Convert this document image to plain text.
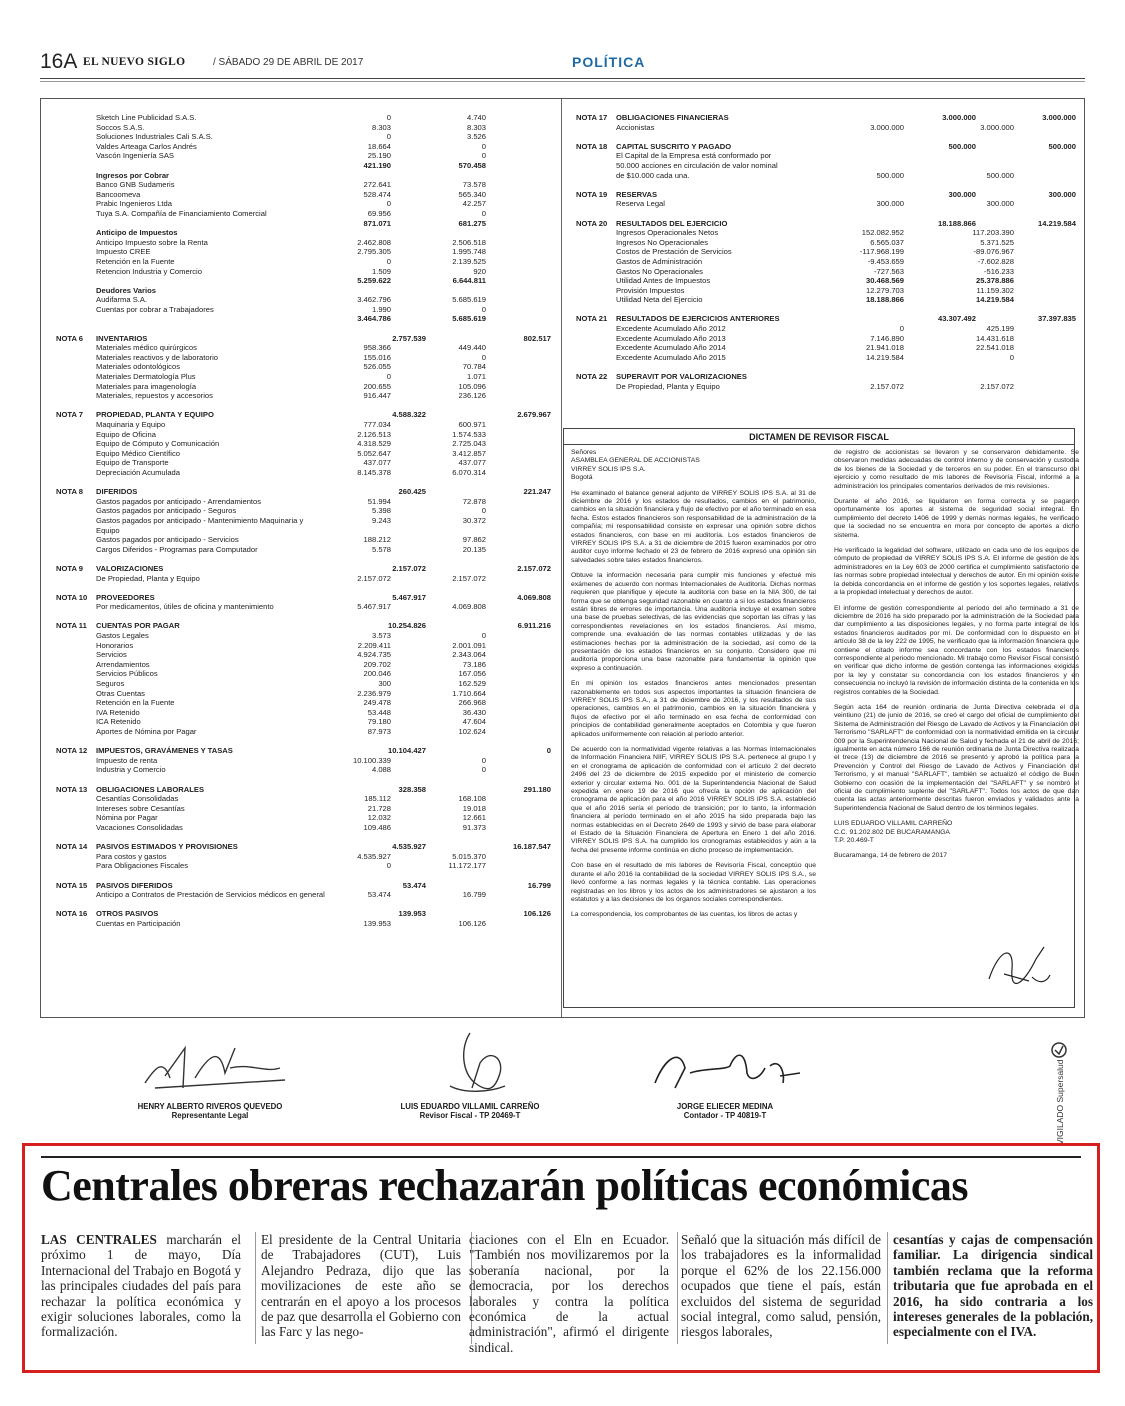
16A EL NUEVO SIGLO	/ SÁBADO 29 DE ABRIL DE 2017	POLÍTICA
Sketch Line Publicidad S.A.S.	0	4.740
Soccos S.A.S.	8.303	8.303
Soluciones Industriales Cali S.A.S.	0	3.526
Valdes Arteaga Carlos Andrés	18.664	0
Vascón Ingeniería SAS	25.190	0
421.190	570.458
Ingresos por Cobrar
Banco GNB Sudameris	272.641	73.578
Bancoomeva	528.474	565.340
Prabic Ingenieros Ltda	0	42.257
Tuya S.A. Compañía de Financiamiento Comercial	69.956	0
871.071	681.275
Anticipo de Impuestos
Anticipo Impuesto sobre la Renta	2.462.808	2.506.518
Impuesto CREE	2.795.305	1.995.748
Retención en la Fuente	0	2.139.525
Retencion Industria y Comercio	1.509	920
5.259.622	6.644.811
Deudores Varios
Audifarma S.A.	3.462.796	5.685.619
Cuentas por cobrar a Trabajadores	1.990	0
3.464.786	5.685.619
NOTA 6 INVENTARIOS	2.757.539	802.517
Materiales médico quirúrgicos	958.366	449.440
Materiales reactivos y de laboratorio	155.016	0
Materiales odontológicos	526.055	70.784
Materiales Dermatología Plus	0	1.071
Materiales para imagenología	200.655	105.096
Materiales, repuestos y accesorios	916.447	236.126
NOTA 7 PROPIEDAD, PLANTA Y EQUIPO	4.588.322	2.679.967
Maquinaria y Equipo	777.034	600.971
Equipo de Oficina	2.126.513	1.574.533
Equipo de Cómputo y Comunicación	4.318.529	2.725.043
Equipo Médico Científico	5.052.647	3.412.857
Equipo de Transporte	437.077	437.077
Depreciación Acumulada	8.145.378	6.070.314
NOTA 8 DIFERIDOS	260.425	221.247
Gastos pagados por anticipado - Arrendamientos	51.994	72.878
Gastos pagados por anticipado - Seguros	5.398	0
Gastos pagados por anticipado - Mantenimiento Maquinaria y	9.243	30.372
Equipo
Gastos pagados por anticipado - Servicios	188.212	97.862
Cargos Diferidos - Programas para Computador	5.578	20.135
NOTA 9 VALORIZACIONES	2.157.072	2.157.072
De Propiedad, Planta y Equipo	2.157.072	2.157.072
NOTA 10 PROVEEDORES	5.467.917	4.069.808
Por medicamentos, útiles de oficina y mantenimiento	5.467.917	4.069.808
NOTA 11 CUENTAS POR PAGAR	10.254.826	6.911.216
Gastos Legales	3.573	0
Honorarios	2.209.411	2.001.091
Servicios	4.924.735	2.343.064
Arrendamientos	209.702	73.186
Servicios Públicos	200.046	167.056
Seguros	300	162.529
Otras Cuentas	2.236.979	1.710.664
Retención en la Fuente	249.478	266.968
IVA Retenido	53.448	36.430
ICA Retenido	79.180	47.604
Aportes de Nómina por Pagar	87.973	102.624
NOTA 12 IMPUESTOS, GRAVÁMENES Y TASAS	10.104.427	0
Impuesto de renta	10.100.339	0
Industria y Comercio	4.088	0
NOTA 13 OBLIGACIONES LABORALES	328.358	291.180
Cesantías Consolidadas	185.112	168.108
Intereses sobre Cesantías	21.728	19.018
Nómina por Pagar	12.032	12.661
Vacaciones Consolidadas	109.486	91.373
NOTA 14 PASIVOS ESTIMADOS Y PROVISIONES	4.535.927	16.187.547
Para costos y gastos	4.535.927	5.015.370
Para Obligaciones Fiscales	0	11.172.177
NOTA 15 PASIVOS DIFERIDOS	53.474	16.799
Anticipo a Contratos de Prestación de Servicios médicos en general	53.474	16.799
NOTA 16 OTROS PASIVOS	139.953	106.126
Cuentas en Participación	139.953	106.126
NOTA 17 OBLIGACIONES FINANCIERAS	3.000.000	3.000.000
Accionistas	3.000.000	3.000.000
NOTA 18 CAPITAL SUSCRITO Y PAGADO	500.000	500.000
El Capital de la Empresa está conformado por
50.000 acciones en circulación de valor nominal
de $10.000 cada una.	500.000	500.000
NOTA 19 RESERVAS	300.000	300.000
Reserva Legal	300.000	300.000
NOTA 20 RESULTADOS DEL EJERCICIO	18.188.866	14.219.584
Ingresos Operacionales Netos	152.082.952	117.203.390
Ingresos No Operacionales	6.565.037	5.371.525
Costos de Prestación de Servicios	-117.968.199	-89.076.967
Gastos de Administración	-9.453.659	-7.602.828
Gastos No Operacionales	-727.563	-516.233
Utilidad Antes de Impuestos	30.468.569	25.378.886
Provisión Impuestos	12.279.703	11.159.302
Utilidad Neta del Ejercicio	18.188.866	14.219.584
NOTA 21 RESULTADOS DE EJERCICIOS ANTERIORES	43.307.492	37.397.835
Excedente Acumulado Año 2012	0	425.199
Excedente Acumulado Año 2013	7.146.890	14.431.618
Excedente Acumulado Año 2014	21.941.018	22.541.018
Excedente Acumulado Año 2015	14.219.584	0
NOTA 22 SUPERAVIT POR VALORIZACIONES
De Propiedad, Planta y Equipo	2.157.072	2.157.072
DICTAMEN DE REVISOR FISCAL

Señores
ASAMBLEA GENERAL DE ACCIONISTAS
VIRREY SOLIS IPS S.A.
Bogotá

He examinado el balance general adjunto de VIRREY SOLIS IPS S.A. al 31 de diciembre de 2016 y los estados de resultados, cambios en el patrimonio, cambios en la situación financiera y flujo de efectivo por el año terminado en esa fecha. Estos estados financieros son responsabilidad de la administración de la compañía; mi responsabilidad consiste en expresar una opinión sobre dichos estados financieros, con base en mi auditoría. Los estados financieros de VIRREY SOLIS IPS S.A. a 31 de diciembre de 2015 fueron examinados por otro auditor cuyo informe fechado el 23 de febrero de 2016 expresó una opinión sin salvedades sobre tales estados financieros.

Obtuve la información necesaria para cumplir mis funciones y efectué mis exámenes de acuerdo con normas Internacionales de Auditoría. Dichas normas requieren que planifique y ejecute la auditoría con base en la NIA 300, de tal forma que se obtenga seguridad razonable en cuanto a si los estados financieros están libres de errores de importancia. Una auditoría incluye el examen sobre una base de pruebas selectivas, de las evidencias que soportan las cifras y las correspondientes revelaciones en los estados financieros. Así mismo, comprende una evaluación de las normas contables utilizadas y de las estimaciones hechas por la administración de la sociedad, así como de la presentación de los estados financieros en su conjunto. Considero que mi auditoría proporciona una base razonable para fundamentar la opinión que expreso a continuación.

En mi opinión los estados financieros antes mencionados presentan razonablemente en todos sus aspectos importantes la situación financiera de VIRREY SOLIS IPS S.A., a 31 de diciembre de 2016, y los resultados de sus operaciones, cambios en el patrimonio, cambios en la situación financiera y flujos de efectivo por el año terminado en esa fecha de conformidad con principios de contabilidad generalmente aceptados en Colombia y que fueron aplicados uniformemente con relación al período anterior.

De acuerdo con la normatividad vigente relativas a las Normas Internacionales de Información Financiera NIIF, VIRREY SOLIS IPS S.A. pertenece al grupo I y en el cronograma de aplicación de conformidad con el artículo 2 del decreto 2496 del 23 de diciembre de 2015 expedido por el ministerio de comercio exterior y circular externa No. 001 de la Superintendencia Nacional de Salud expedida en enero 19 de 2016 que ofrecía la opción de aplicación del cronograma de aplicación para el año 2016 VIRREY SOLIS IPS S.A. estableció que el año 2016 sería el período de transición; por lo tanto, la información financiera al período terminado en el año 2015 ha sido preparada bajo las normas establecidas en el Decreto 2649 de 1993 y sirvió de base para elaborar el Estado de la Situación Financiera de Apertura en Enero 1 del año 2016. VIRREY SOLIS IPS S.A. ha cumplido los cronogramas establecidos y aún a la fecha del presente informe continúa en dicho proceso de implementación.

Con base en el resultado de mis labores de Revisoría Fiscal, conceptúo que durante el año 2016 la contabilidad de la sociedad VIRREY SOLIS IPS S.A., se llevó conforme a las normas legales y la técnica contable. Las operaciones registradas en los libros y los actos de los administradores se ajustaron a los estatutos y a las decisiones de los órganos sociales correspondientes.

La correspondencia, los comprobantes de las cuentas, los libros de actas y

de registro de accionistas se llevaron y se conservaron debidamente. Se observaron medidas adecuadas de control interno y de conservación y custodia de los bienes de la Sociedad y de terceros en su poder. En el transcurso del ejercicio y como resultado de mis labores de Revisoría Fiscal, informé a la administración los principales comentarios derivados de mis revisiones.

Durante el año 2016, se liquidaron en forma correcta y se pagaron oportunamente los aportes al sistema de seguridad social integral. En cumplimiento del decreto 1406 de 1999 y demás normas legales, he verificado que la sociedad no se encuentra en mora por concepto de aportes a dicho sistema.

He verificado la legalidad del software, utilizado en cada uno de los equipos de cómputo de propiedad de VIRREY SOLIS IPS S.A. El informe de gestión de los administradores en la Ley 603 de 2000 certifica el cumplimiento satisfactorio de las normas sobre propiedad intelectual y derechos de autor. En mi opinión existe la debida concordancia en el informe de gestión y los soportes legales, relativos a la propiedad intelectual y derechos de autor.

El informe de gestión correspondiente al período del año terminado a 31 de diciembre de 2016 ha sido preparado por la administración de la Sociedad para dar cumplimiento a las disposiciones legales, y no forma parte integral de los estados financieros auditados por mí. De conformidad con lo dispuesto en el artículo 38 de la ley 222 de 1995, he verificado que la información financiera que contiene el citado informe sea concordante con los estados financieros correspondiente al periodo mencionado. Mi trabajo como Revisor Fiscal consistió en verificar que dicho informe de gestión contenga las informaciones exigidas por la ley y constatar su concordancia con los estados financieros y en consecuencia no incluyó la revisión de información distinta de la contenida en los registros contables de la Sociedad.

Según acta 164 de reunión ordinaria de Junta Directiva celebrada el día veintiuno (21) de junio de 2016, se creó el cargo del oficial de cumplimiento del Sistema de Administración del Riesgo de Lavado de Activos y la Financiación del Terrorismo "SARLAFT" de conformidad con la normatividad emitida en la circular 009 por la Superintendencia Nacional de Salud y fechada el 21 de abril de 2016; igualmente en acta número 166 de reunión ordinaria de Junta Directiva realizada el trece (13) de diciembre de 2016 se presentó y aprobó la política para la Prevención y Control del Riesgo de Lavado de Activos y Financiación del Terrorismo, y el manual "SARLAFT", también se actualizó el código de Buen Gobierno con ocasión de la implementación del "SARLAFT" y se nombró el oficial de cumplimiento suplente del "SARLAFT". Todos los actos de que dan cuenta las actas anteriormente descritas fueron enviados y validados ante la Superintendencia Nacional de Salud dentro de los términos legales.

LUIS EDUARDO VILLAMIL CARREÑO
C.C. 91.202.802 DE BUCARAMANGA
T.P. 20.469-T

Bucaramanga, 14 de febrero de 2017

HENRY ALBERTO RIVEROS QUEVEDO
Representante Legal
LUIS EDUARDO VILLAMIL CARREÑO
Revisor Fiscal - TP 20469-T
JORGE ELIECER MEDINA
Contador - TP 40819-T	VIGILADO Supersalud
Centrales obreras rechazarán políticas económicas
LAS CENTRALES marcharán el próximo 1 de mayo, Día Internacional del Trabajo en Bogotá y las principales ciudades del país para rechazar la política económica y exigir soluciones laborales, como la formalización.
El presidente de la Central Unitaria de Trabajadores (CUT), Luis Alejandro Pedraza, dijo que las movilizaciones de este año se centrarán en el apoyo a los procesos de paz que desarrolla el Gobierno con las Farc y las nego-
ciaciones con el Eln en Ecuador. "También nos movilizaremos por la soberanía nacional, por la democracia, por los derechos laborales y contra la política económica de la actual administración", afirmó el dirigente sindical.
Señaló que la situación más difícil de los trabajadores es la informalidad porque el 62% de los 22.156.000 ocupados que tiene el país, están excluidos del sistema de seguridad social integral, como salud, pensión, riesgos laborales,
cesantías y cajas de compensación familiar. La dirigencia sindical también reclama que la reforma tributaria que fue aprobada en el 2016, ha sido contraria a los intereses generales de la población, especialmente con el IVA.
